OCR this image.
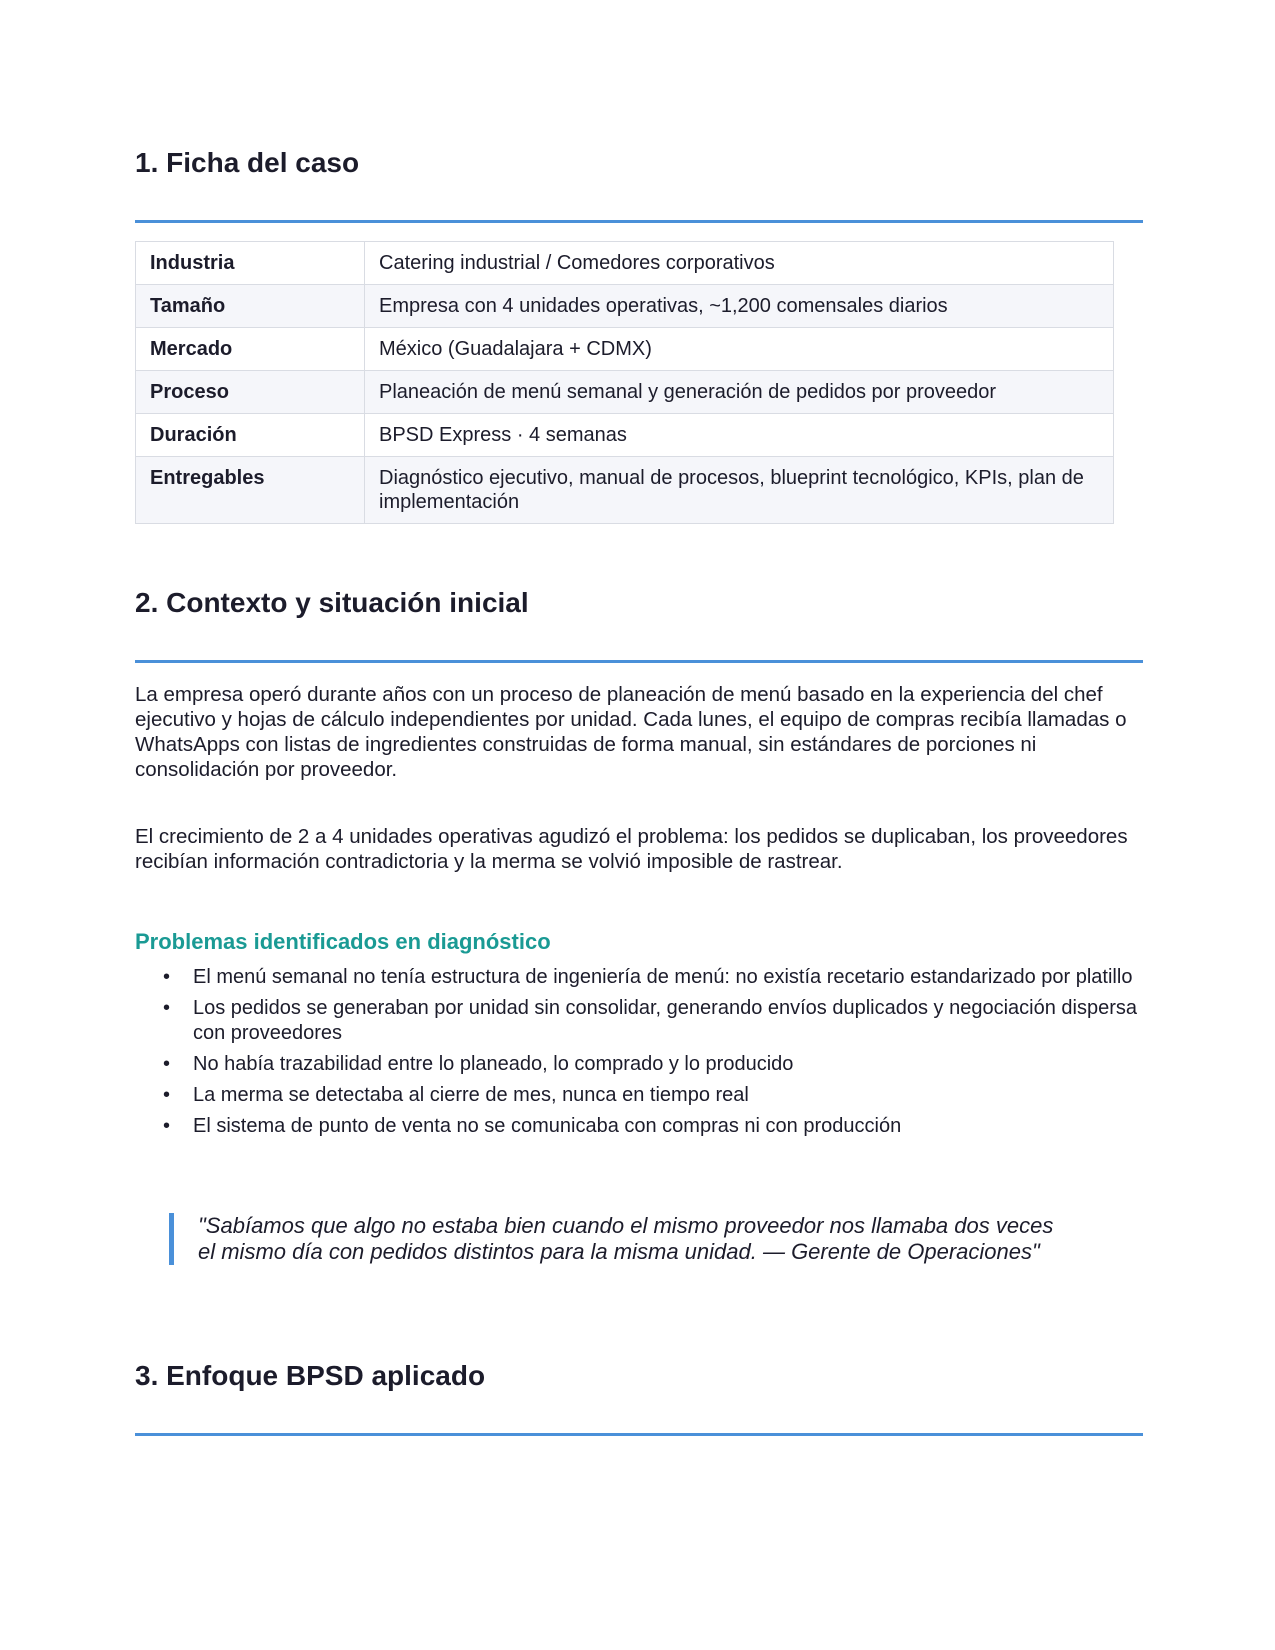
1. Ficha del caso
Industria	Catering industrial / Comedores corporativos
Tamaño	Empresa con 4 unidades operativas, ~1,200 comensales diarios
Mercado	México (Guadalajara + CDMX)
Proceso	Planeación de menú semanal y generación de pedidos por proveedor
Duración	BPSD Express · 4 semanas
Entregables	Diagnóstico ejecutivo, manual de procesos, blueprint tecnológico, KPIs, plan de implementación
2. Contexto y situación inicial

La empresa operó durante años con un proceso de planeación de menú basado en la experiencia del chef ejecutivo y hojas de cálculo independientes por unidad. Cada lunes, el equipo de compras recibía llamadas o WhatsApps con listas de ingredientes construidas de forma manual, sin estándares de porciones ni consolidación por proveedor.

El crecimiento de 2 a 4 unidades operativas agudizó el problema: los pedidos se duplicaban, los proveedores recibían información contradictoria y la merma se volvió imposible de rastrear.

Problemas identificados en diagnóstico
• El menú semanal no tenía estructura de ingeniería de menú: no existía recetario estandarizado por platillo
• Los pedidos se generaban por unidad sin consolidar, generando envíos duplicados y negociación dispersa con proveedores
• No había trazabilidad entre lo planeado, lo comprado y lo producido
• La merma se detectaba al cierre de mes, nunca en tiempo real
• El sistema de punto de venta no se comunicaba con compras ni con producción
"Sabíamos que algo no estaba bien cuando el mismo proveedor nos llamaba dos veces el mismo día con pedidos distintos para la misma unidad. — Gerente de Operaciones"
3. Enfoque BPSD aplicado
